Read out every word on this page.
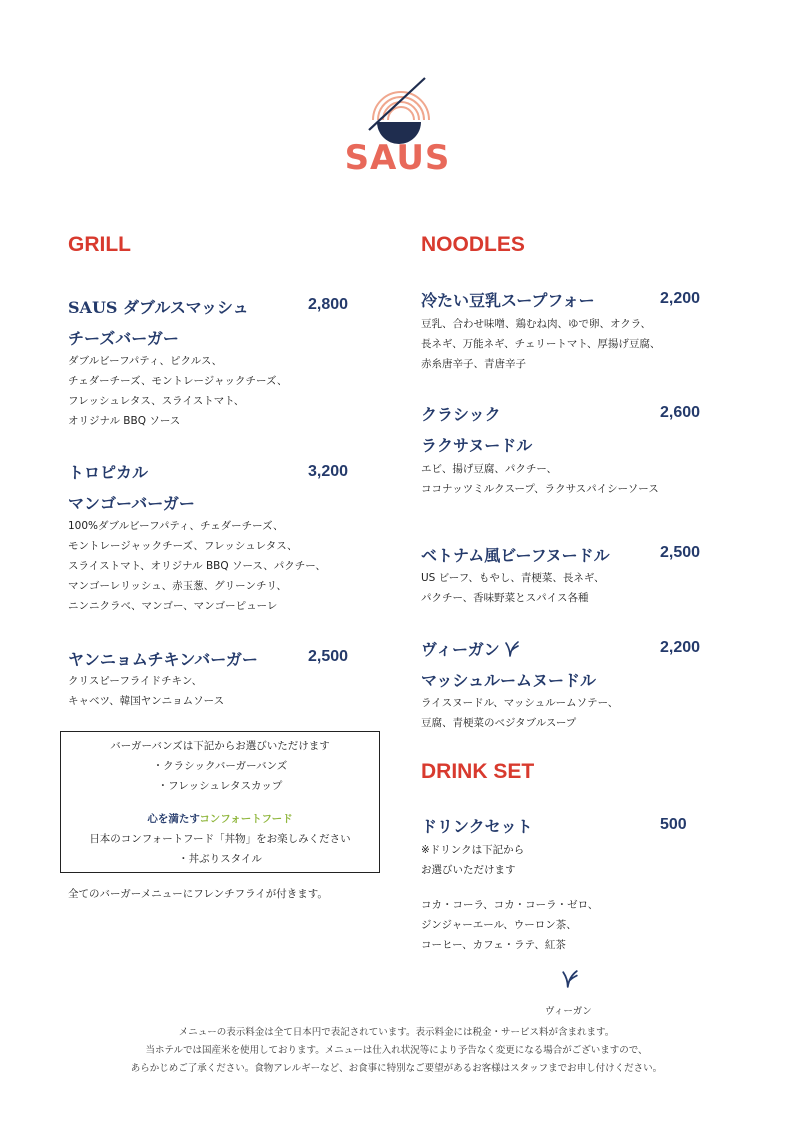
SAUS
GRILL
SAUS ダブルスマッシュ	2,800
チーズバーガー
ダブルビーフパティ、ピクルス、
チェダーチーズ、モントレージャックチーズ、
フレッシュレタス、スライストマト、
オリジナル BBQ ソース
トロピカル	3,200
マンゴーバーガー
100%ダブルビーフパティ、チェダーチーズ、
モントレージャックチーズ、フレッシュレタス、
スライストマト、オリジナル BBQ ソース、パクチー、
マンゴーレリッシュ、赤玉葱、グリーンチリ、
ニンニクラベ、マンゴー、マンゴーピューレ
ヤンニョムチキンバーガー	2,500
クリスピーフライドチキン、
キャベツ、韓国ヤンニョムソース
バーガーバンズは下記からお選びいただけます
・クラシックバーガーバンズ
・フレッシュレタスカップ
心を満たすコンフォートフード
日本のコンフォートフード「丼物」をお楽しみください
・丼ぶりスタイル
全てのバーガーメニューにフレンチフライが付きます。
NOODLES
冷たい豆乳スープフォー	2,200
豆乳、合わせ味噌、鶏むね肉、ゆで卵、オクラ、
長ネギ、万能ネギ、チェリートマト、厚揚げ豆腐、
赤糸唐辛子、青唐辛子
クラシック	2,600
ラクサヌードル
エビ、揚げ豆腐、パクチー、
ココナッツミルクスープ、ラクサスパイシーソース
ベトナム風ビーフヌードル	2,500
US ビーフ、もやし、青梗菜、長ネギ、
パクチー、香味野菜とスパイス各種
ヴィーガン	2,200
マッシュルームヌードル
ライスヌードル、マッシュルームソテー、
豆腐、青梗菜のベジタブルスープ
DRINK SET
ドリンクセット	500
※ドリンクは下記から
お選びいただけます
コカ・コーラ、コカ・コーラ・ゼロ、
ジンジャーエール、ウーロン茶、
コーヒー、カフェ・ラテ、紅茶
ヴィーガン
メニューの表示料金は全て日本円で表記されています。表示料金には税金・サービス料が含まれます。
当ホテルでは国産米を使用しております。メニューは仕入れ状況等により予告なく変更になる場合がございますので、
あらかじめご了承ください。食物アレルギーなど、お食事に特別なご要望があるお客様はスタッフまでお申し付けください。
